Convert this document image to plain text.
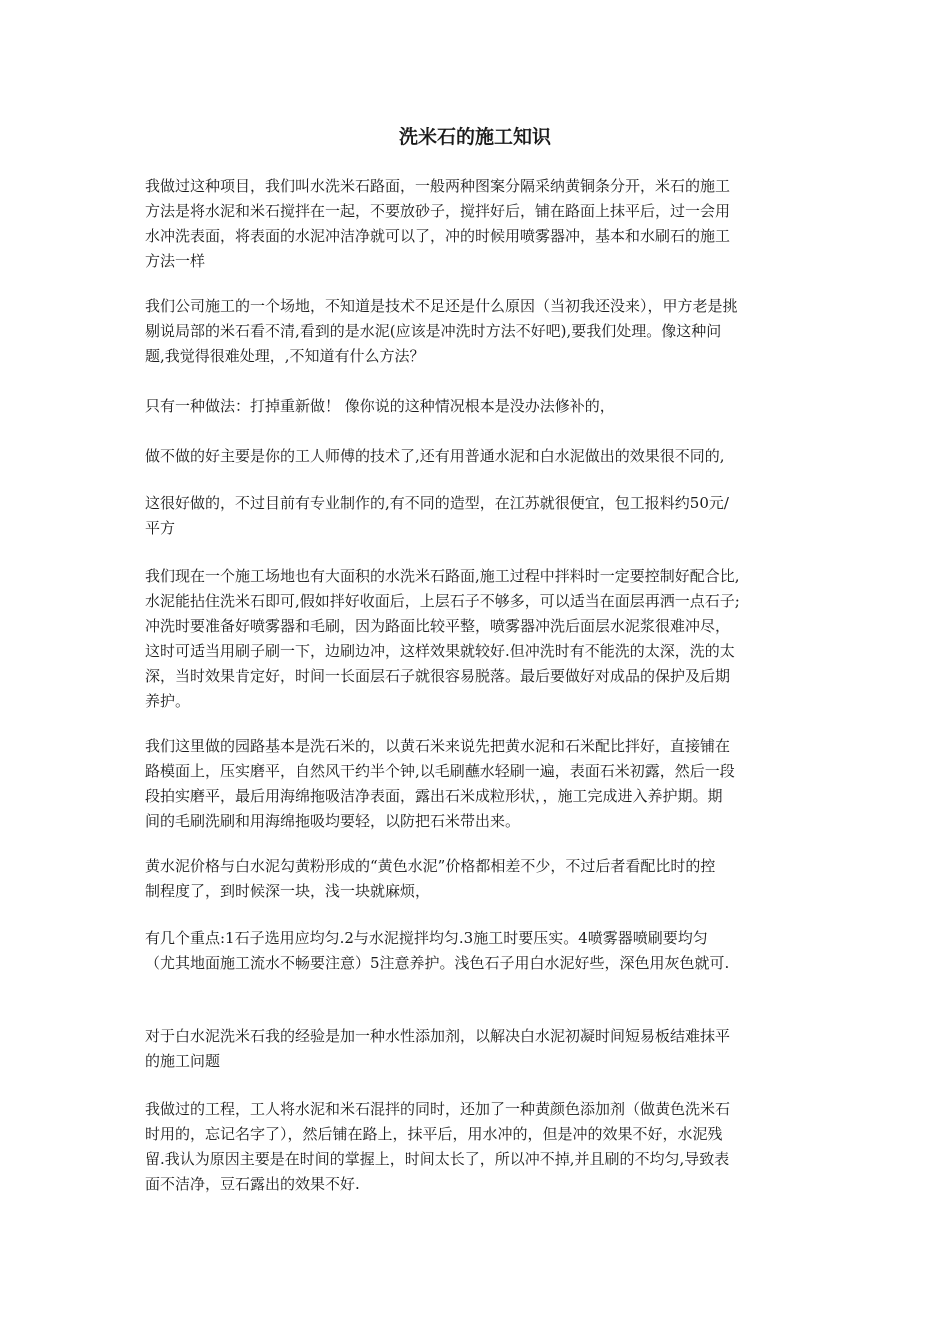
洗米石的施工知识
我做过这种项目，我们叫水洗米石路面，一般两种图案分隔采纳黄铜条分开，米石的施工
方法是将水泥和米石搅拌在一起，不要放砂子，搅拌好后，铺在路面上抹平后，过一会用
水冲洗表面，将表面的水泥冲洁净就可以了，冲的时候用喷雾器冲，基本和水刷石的施工
方法一样
我们公司施工的一个场地，不知道是技术不足还是什么原因（当初我还没来），甲方老是挑
剔说局部的米石看不清,看到的是水泥(应该是冲洗时方法不好吧),要我们处理。像这种问
题,我觉得很难处理，,不知道有什么方法？
只有一种做法：打掉重新做！ 像你说的这种情况根本是没办法修补的，
做不做的好主要是你的工人师傅的技术了,还有用普通水泥和白水泥做出的效果很不同的,
这很好做的，不过目前有专业制作的,有不同的造型，在江苏就很便宜，包工报料约50元/
平方
我们现在一个施工场地也有大面积的水洗米石路面,施工过程中拌料时一定要控制好配合比,
水泥能拈住洗米石即可,假如拌好收面后，上层石子不够多，可以适当在面层再洒一点石子;
冲洗时要准备好喷雾器和毛刷，因为路面比较平整，喷雾器冲洗后面层水泥浆很难冲尽，
这时可适当用刷子刷一下，边刷边冲，这样效果就较好.但冲洗时有不能洗的太深，洗的太
深，当时效果肯定好，时间一长面层石子就很容易脱落。最后要做好对成品的保护及后期
养护。
我们这里做的园路基本是洗石米的，以黄石米来说先把黄水泥和石米配比拌好，直接铺在
路模面上，压实磨平，自然风干约半个钟,以毛刷蘸水轻刷一遍，表面石米初露，然后一段
段拍实磨平，最后用海绵拖吸洁净表面，露出石米成粒形状，，施工完成进入养护期。期
间的毛刷洗刷和用海绵拖吸均要轻，以防把石米带出来。
黄水泥价格与白水泥勾黄粉形成的“黄色水泥”价格都相差不少，不过后者看配比时的控
制程度了，到时候深一块，浅一块就麻烦，
有几个重点:1石子选用应均匀.2与水泥搅拌均匀.3施工时要压实。4喷雾器喷刷要均匀
（尤其地面施工流水不畅要注意）5注意养护。浅色石子用白水泥好些，深色用灰色就可.
对于白水泥洗米石我的经验是加一种水性添加剂，以解决白水泥初凝时间短易板结难抹平
的施工问题
我做过的工程，工人将水泥和米石混拌的同时，还加了一种黄颜色添加剂（做黄色洗米石
时用的，忘记名字了），然后铺在路上，抹平后，用水冲的，但是冲的效果不好，水泥残
留.我认为原因主要是在时间的掌握上，时间太长了，所以冲不掉,并且刷的不均匀,导致表
面不洁净，豆石露出的效果不好.
